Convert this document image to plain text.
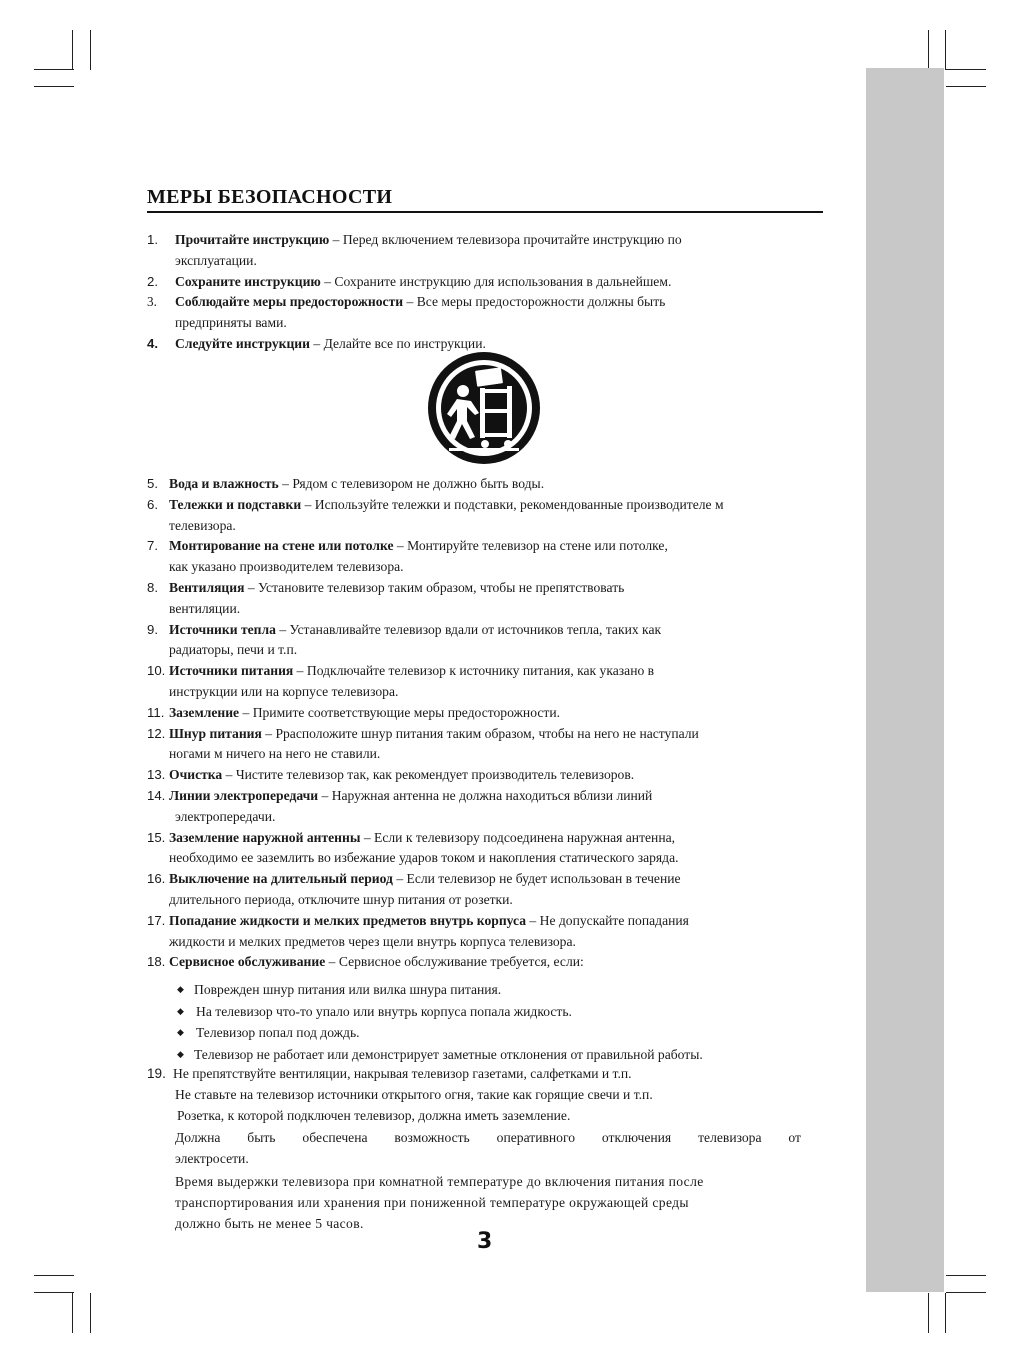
МЕРЫ БЕЗОПАСНОСТИ
1. Прочитайте инструкцию – Перед включением телевизора прочитайте инструкцию по
эксплуатации.
2. Сохраните инструкцию – Сохраните инструкцию для использования в дальнейшем.
3. Соблюдайте меры предосторожности – Все меры предосторожности должны быть
предприняты вами.
4. Следуйте инструкции – Делайте все по инструкции.
5. Вода и влажность – Рядом с телевизором не должно быть воды.
6. Тележки и подставки – Используйте тележки и подставки, рекомендованные производителе м
телевизора.
7. Монтирование на стене или потолке – Монтируйте телевизор на стене или потолке,
как указано производителем телевизора.
8. Вентиляция – Установите телевизор таким образом, чтобы не препятствовать
вентиляции.
9. Источники тепла – Устанавливайте телевизор вдали от источников тепла, таких как
радиаторы, печи и т.п.
10. Источники питания – Подключайте телевизор к источнику питания, как указано в
инструкции или на корпусе телевизора.
11. Заземление – Примите соответствующие меры предосторожности.
12. Шнур питания – Ррасположите шнур питания таким образом, чтобы на него не наступали
ногами м ничего на него не ставили.
13. Очистка – Чистите телевизор так, как рекомендует производитель телевизоров.
14. Линии электропередачи – Наружная антенна не должна находиться вблизи линий
электропередачи.
15. Заземление наружной антенны – Если к телевизору подсоединена наружная антенна,
необходимо ее заземлить во избежание ударов током и накопления статического заряда.
16. Выключение на длительный период – Если телевизор не будет использован в течение
длительного периода, отключите шнур питания от розетки.
17. Попадание жидкости и мелких предметов внутрь корпуса – Не допускайте попадания
жидкости и мелких предметов через щели внутрь корпуса телевизора.
18. Сервисное обслуживание – Сервисное обслуживание требуется, если:
◆ Поврежден шнур питания или вилка шнура питания.
◆ На телевизор что-то упало или внутрь корпуса попала жидкость.
◆ Телевизор попал под дождь.
◆ Телевизор не работает или демонстрирует заметные отклонения от правильной работы.
19. Не препятствуйте вентиляции, накрывая телевизор газетами, салфетками и т.п.
Не ставьте на телевизор источники открытого огня, такие как горящие свечи и т.п.
Розетка, к которой подключен телевизор, должна иметь заземление.
Должна быть обеспечена возможность оперативного отключения телевизора от
электросети.
Время выдержки телевизора при комнатной температуре до включения питания после
транспортирования или хранения при пониженной температуре окружающей среды
должно быть не менее 5 часов.
3
